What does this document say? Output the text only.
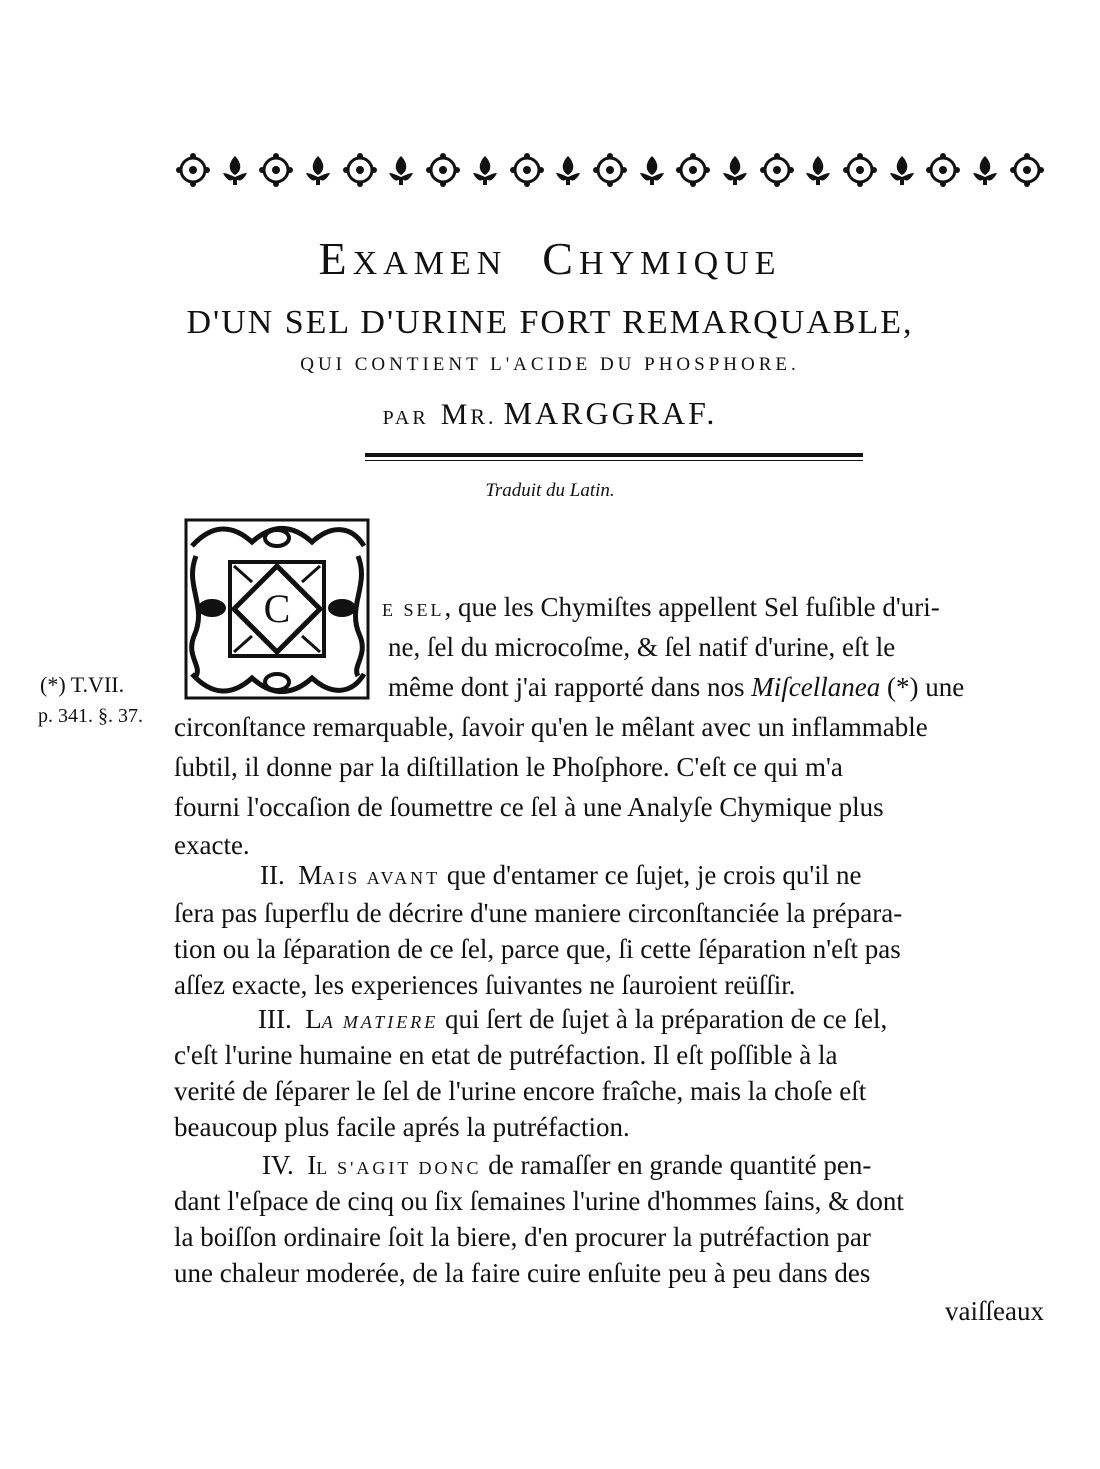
EXAMEN CHYMIQUE
D'UN SEL D'URINE FORT REMARQUABLE,
QUI CONTIENT L'ACIDE DU PHOSPHORE.
PAR MR. MARGGRAF.
Traduit du Latin.
C
(*) T.VII.
p. 341. §. 37.
E SEL, que les Chymiſtes appellent Sel fuſible d'uri-
ne, ſel du microcoſme, & ſel natif d'urine, eſt le
même dont j'ai rapporté dans nos Miſcellanea (*) une
circonſtance remarquable, ſavoir qu'en le mêlant avec un inflammable
ſubtil, il donne par la diſtillation le Phoſphore. C'eſt ce qui m'a
fourni l'occaſion de ſoumettre ce ſel à une Analyſe Chymique plus
exacte.
II. MAIS AVANT que d'entamer ce ſujet, je crois qu'il ne
ſera pas ſuperflu de décrire d'une maniere circonſtanciée la prépara-
tion ou la ſéparation de ce ſel, parce que, ſi cette ſéparation n'eſt pas
aſſez exacte, les experiences ſuivantes ne ſauroient reüſſir.
III. LA MATIERE qui ſert de ſujet à la préparation de ce ſel,
c'eſt l'urine humaine en etat de putréfaction. Il eſt poſſible à la
verité de ſéparer le ſel de l'urine encore fraîche, mais la choſe eſt
beaucoup plus facile aprés la putréfaction.
IV. IL S'AGIT DONC de ramaſſer en grande quantité pen-
dant l'eſpace de cinq ou ſix ſemaines l'urine d'hommes ſains, & dont
la boiſſon ordinaire ſoit la biere, d'en procurer la putréfaction par
une chaleur moderée, de la faire cuire enſuite peu à peu dans des
vaiſſeaux
